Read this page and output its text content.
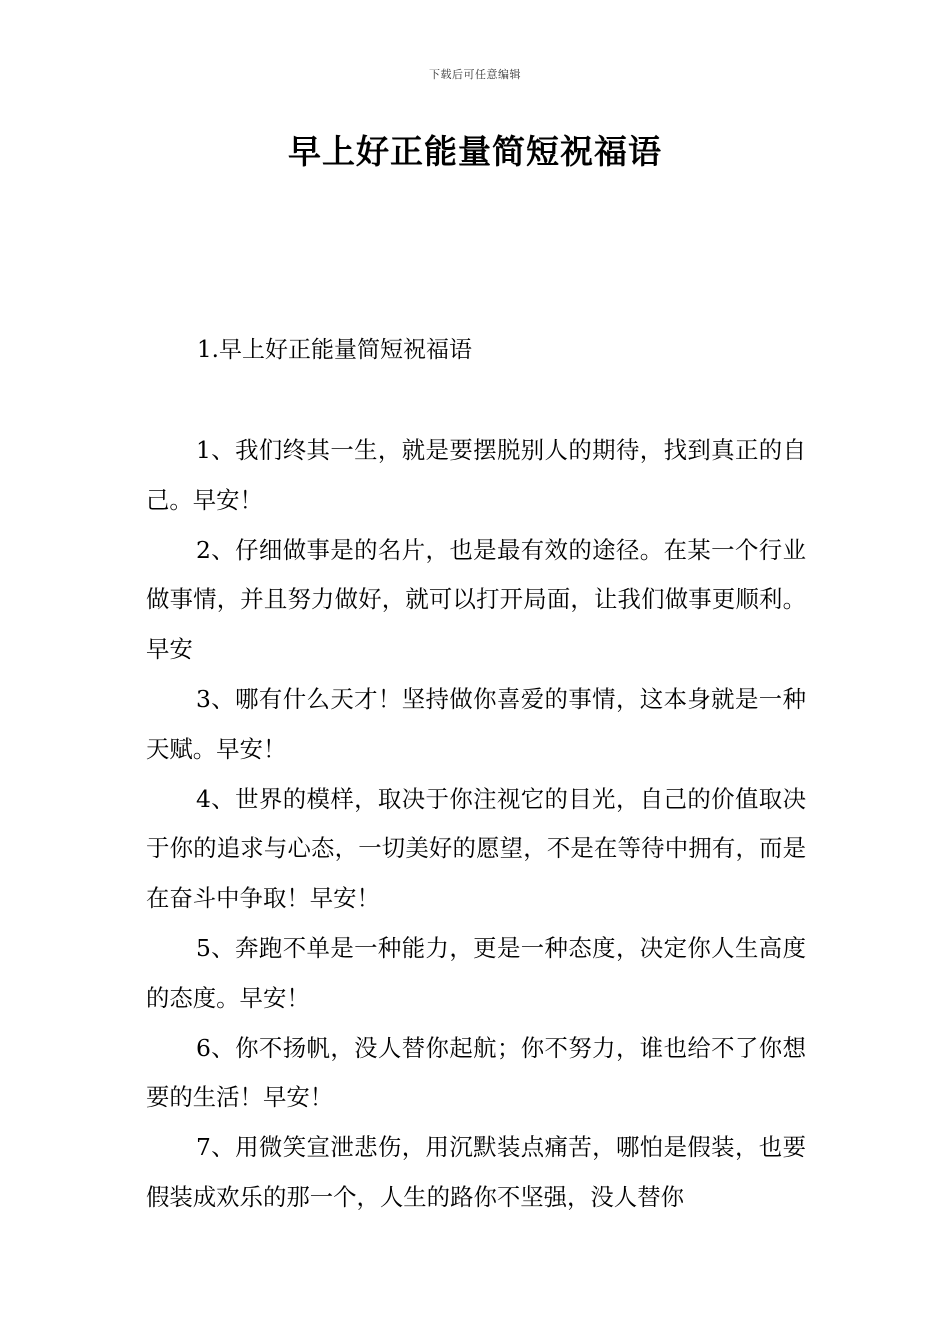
下载后可任意编辑
早上好正能量简短祝福语
1.早上好正能量简短祝福语

1、我们终其一生，就是要摆脱别人的期待，找到真正的自己。早安！

2、仔细做事是的名片，也是最有效的途径。在某一个行业做事情，并且努力做好，就可以打开局面，让我们做事更顺利。早安

3、哪有什么天才！坚持做你喜爱的事情，这本身就是一种天赋。早安！

4、世界的模样，取决于你注视它的目光，自己的价值取决于你的追求与心态，一切美好的愿望，不是在等待中拥有，而是在奋斗中争取！早安！

5、奔跑不单是一种能力，更是一种态度，决定你人生高度的态度。早安！

6、你不扬帆，没人替你起航；你不努力，谁也给不了你想要的生活！早安！

7、用微笑宣泄悲伤，用沉默装点痛苦，哪怕是假装，也要假装成欢乐的那一个，人生的路你不坚强，没人替你
